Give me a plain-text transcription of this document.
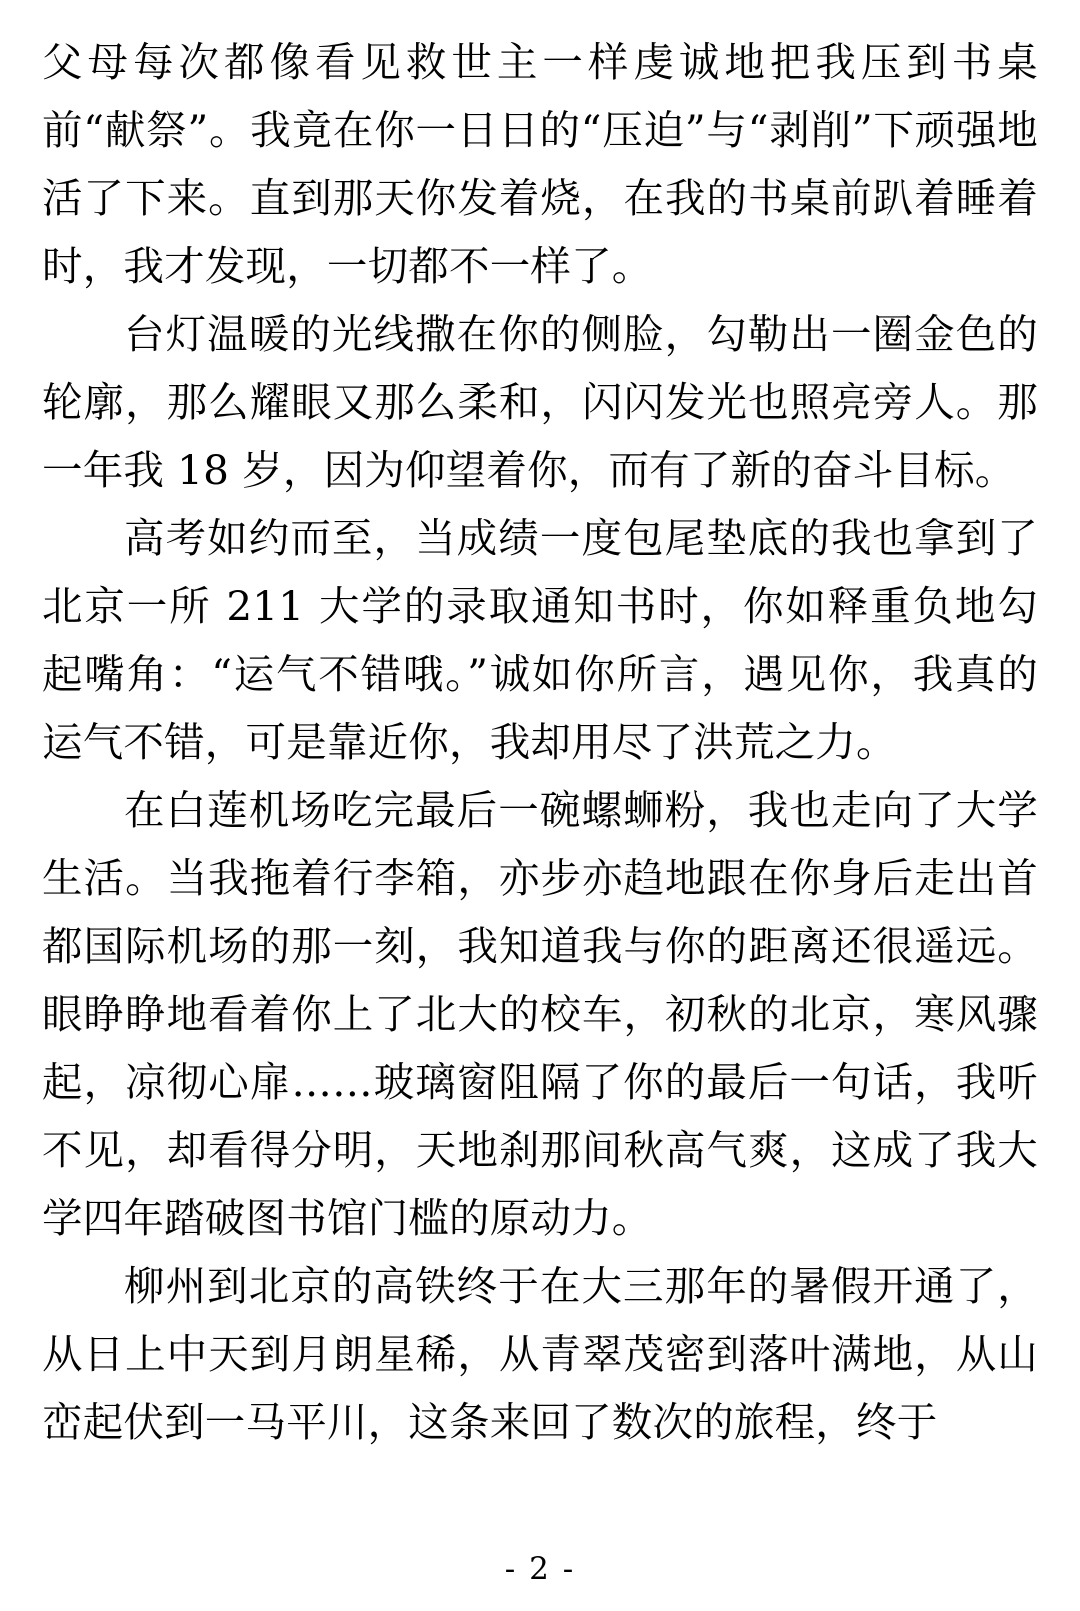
父母每次都像看见救世主一样虔诚地把我压到书桌前“献祭”。我竟在你一日日的“压迫”与“剥削”下顽强地活了下来。直到那天你发着烧，在我的书桌前趴着睡着时，我才发现，一切都不一样了。

台灯温暖的光线撒在你的侧脸，勾勒出一圈金色的轮廓，那么耀眼又那么柔和，闪闪发光也照亮旁人。那一年我 18 岁，因为仰望着你，而有了新的奋斗目标。

高考如约而至，当成绩一度包尾垫底的我也拿到了北京一所 211 大学的录取通知书时，你如释重负地勾起嘴角：“运气不错哦。”诚如你所言，遇见你，我真的运气不错，可是靠近你，我却用尽了洪荒之力。

在白莲机场吃完最后一碗螺蛳粉，我也走向了大学生活。当我拖着行李箱，亦步亦趋地跟在你身后走出首都国际机场的那一刻，我知道我与你的距离还很遥远。眼睁睁地看着你上了北大的校车，初秋的北京，寒风骤起，凉彻心扉……玻璃窗阻隔了你的最后一句话，我听不见，却看得分明，天地刹那间秋高气爽，这成了我大学四年踏破图书馆门槛的原动力。

柳州到北京的高铁终于在大三那年的暑假开通了，从日上中天到月朗星稀，从青翠茂密到落叶满地，从山峦起伏到一马平川，这条来回了数次的旅程，终于

- 2 -
